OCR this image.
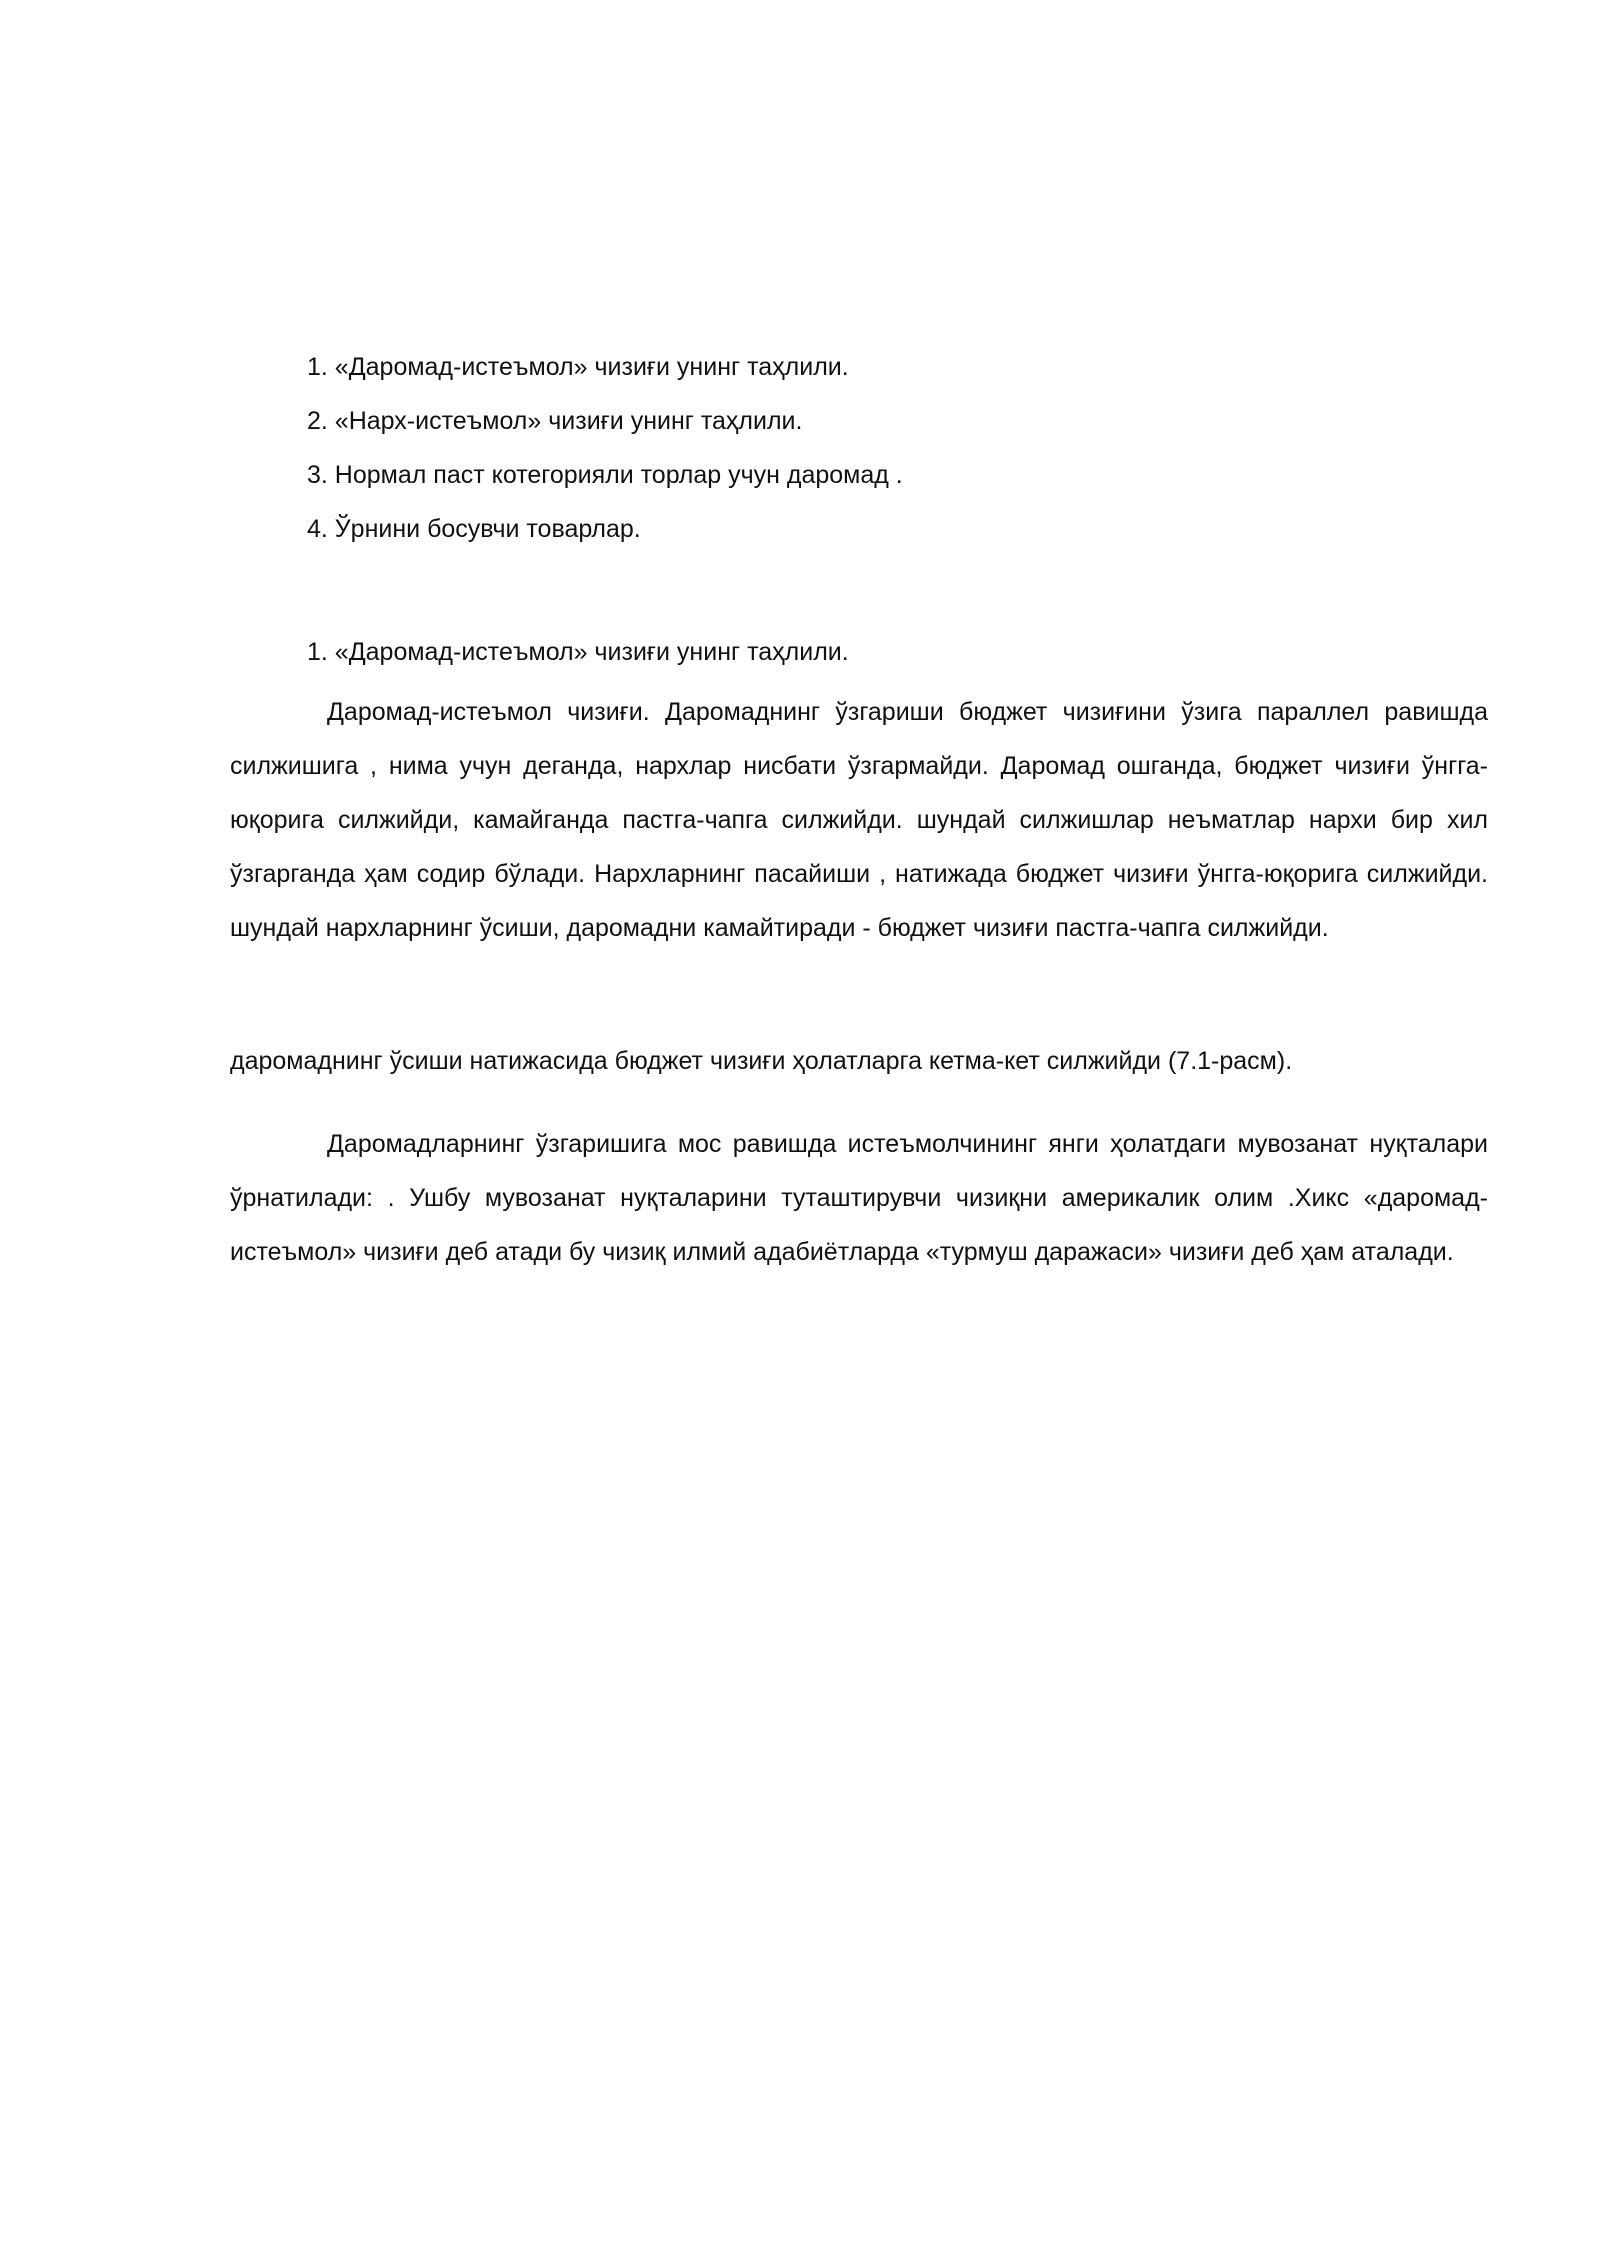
1. «Даромад-истеъмол» чизиғи унинг таҳлили.
2. «Нарх-истеъмол» чизиғи унинг таҳлили.
3. Нормал паст котегорияли торлар учун даромад .
4. Ўрнини босувчи товарлар.

1. «Даромад-истеъмол» чизиғи унинг таҳлили.

Даромад-истеъмол чизиғи. Даромаднинг ўзгариши бюджет чизиғини ўзига параллел равишда силжишига , нима учун деганда, нархлар нисбати ўзгармайди. Даромад ошганда, бюджет чизиғи ўнгга-юқорига силжийди, камайганда пастга-чапга силжийди. шундай силжишлар неъматлар нархи бир хил ўзгарганда ҳам содир бўлади. Нархларнинг пасайиши , натижада бюджет чизиғи ўнгга-юқорига силжийди. шундай нархларнинг ўсиши, даромадни камайтиради - бюджет чизиғи пастга-чапга силжийди.

даромаднинг ўсиши натижасида бюджет чизиғи ҳолатларга кетма-кет силжийди (7.1-расм).

Даромадларнинг ўзгаришига мос равишда истеъмолчининг янги ҳолатдаги мувозанат нуқталари ўрнатилади: . Ушбу мувозанат нуқталарини туташтирувчи чизиқни америкалик олим .Хикс «даромад-истеъмол» чизиғи деб атади бу чизиқ илмий адабиётларда «турмуш даражаси» чизиғи деб ҳам аталади.
